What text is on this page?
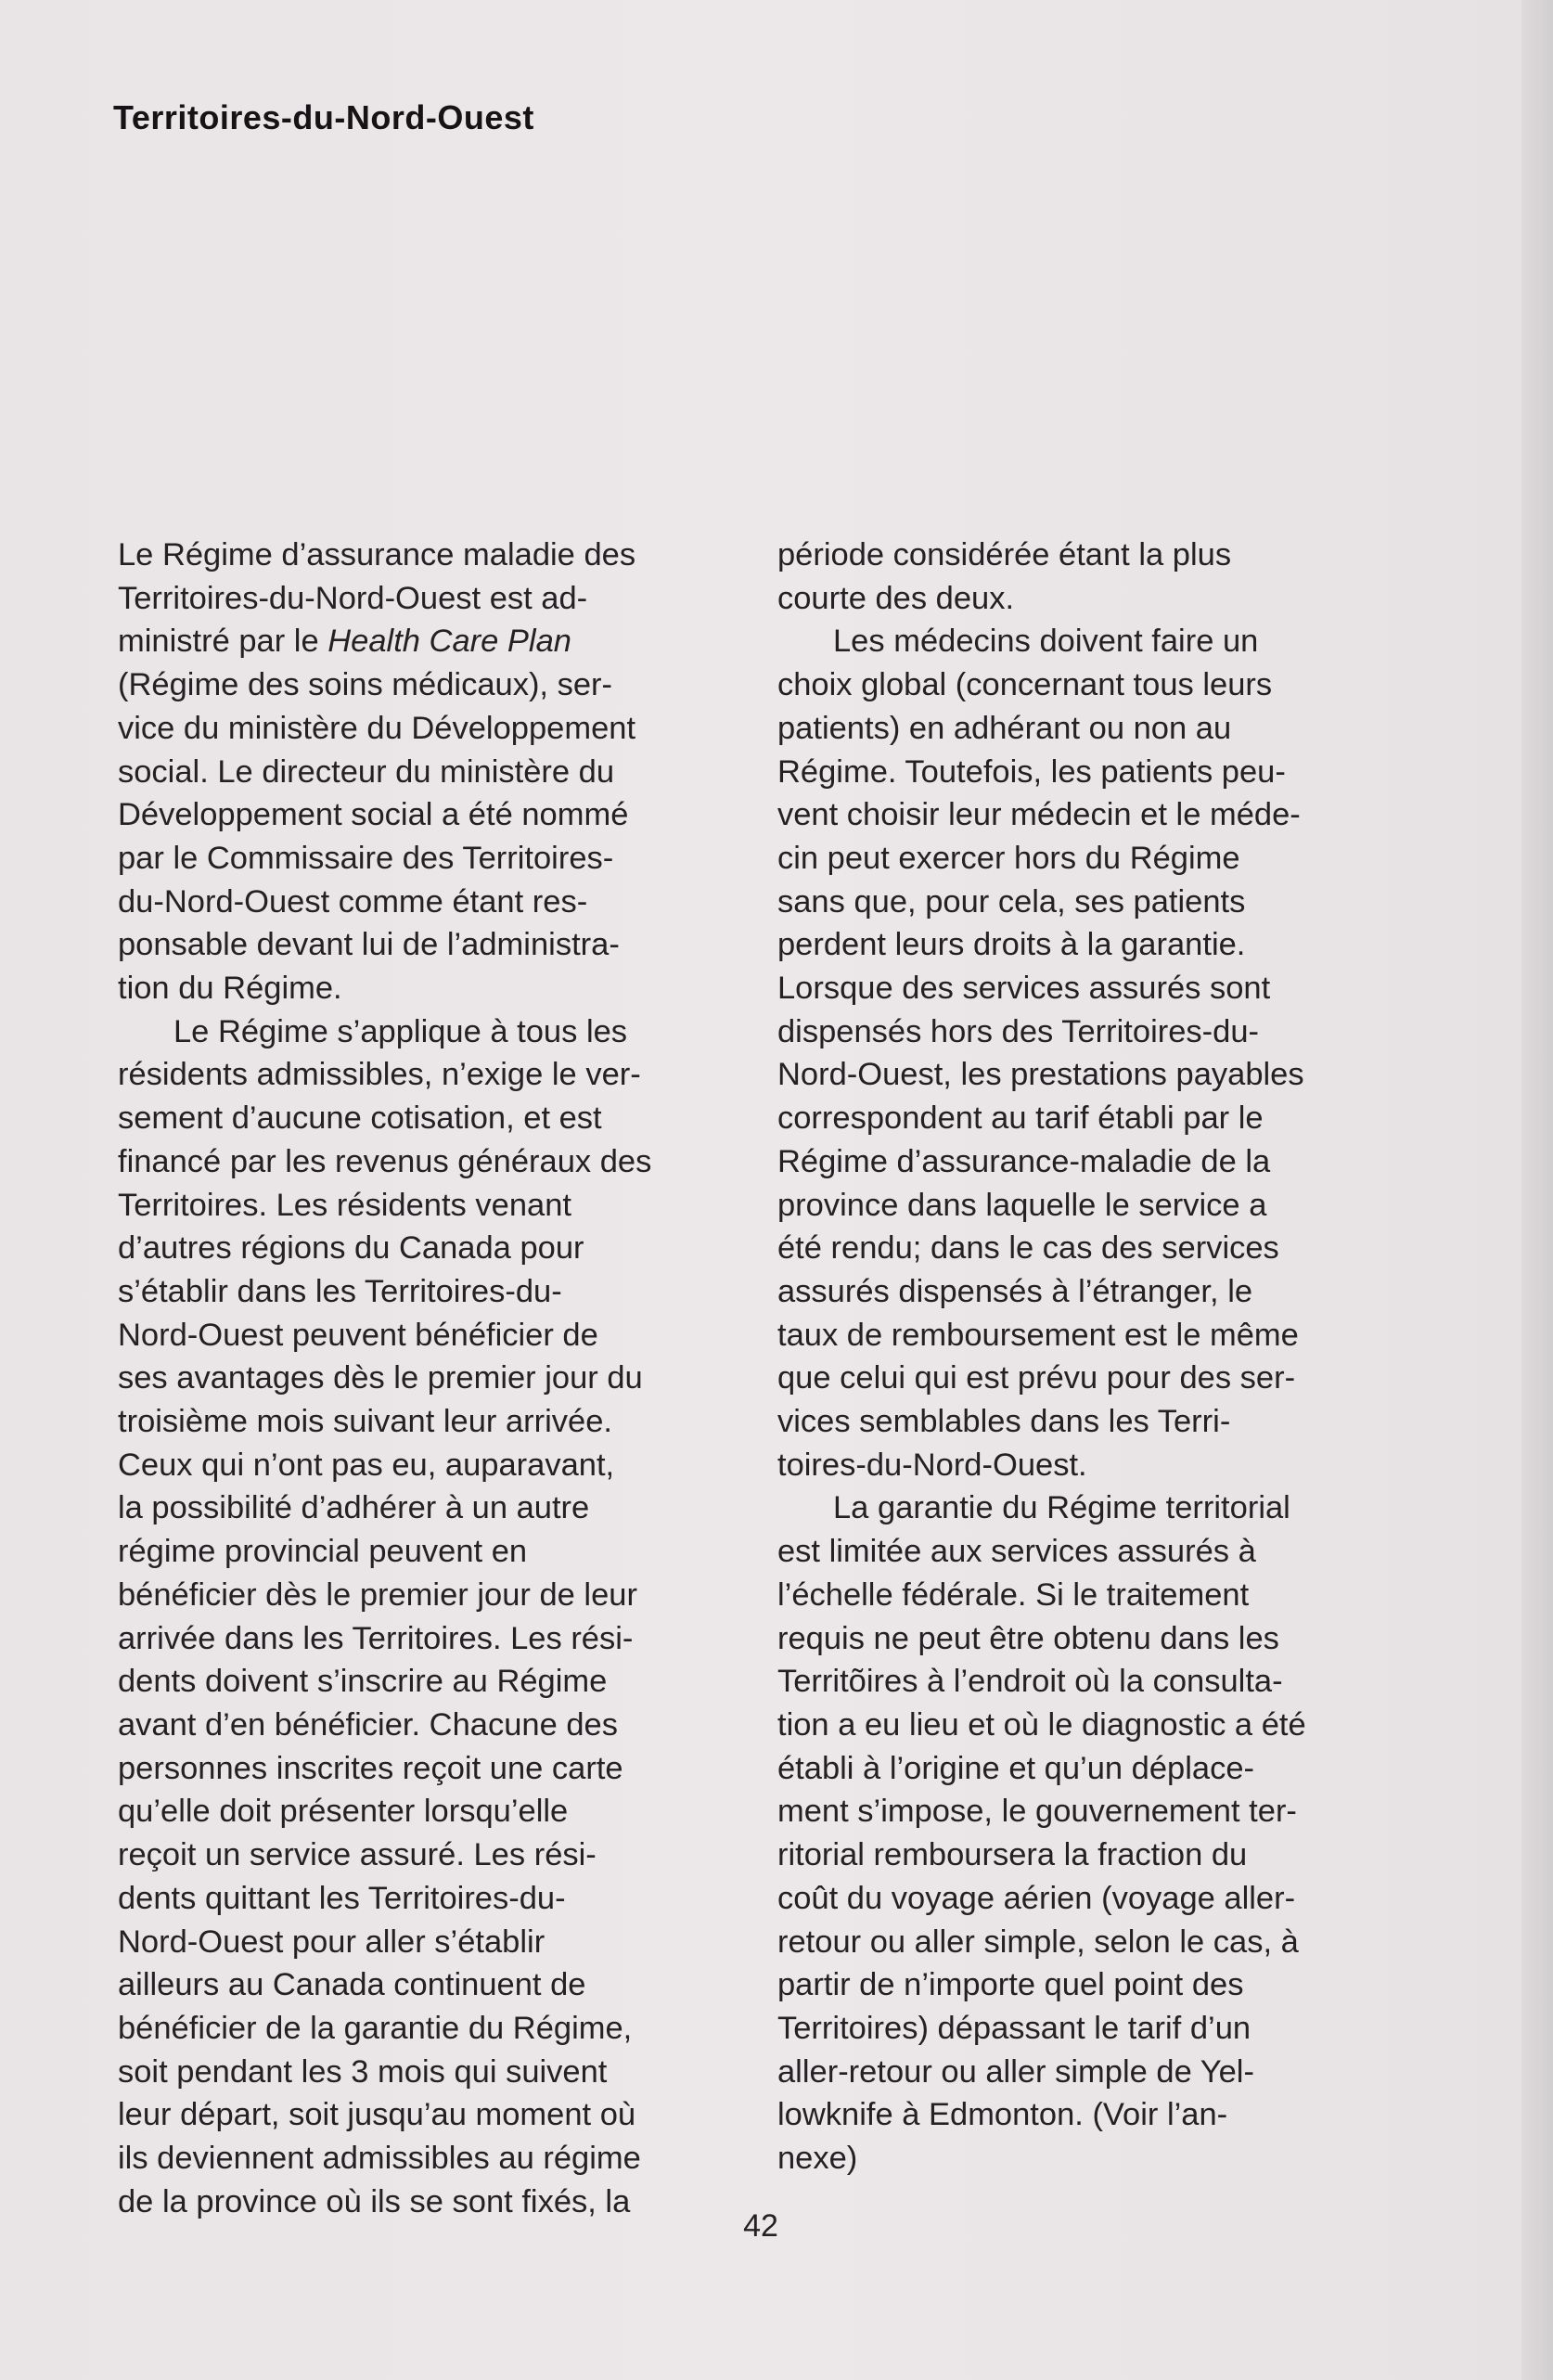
Territoires-du-Nord-Ouest

Le Régime d’assurance maladie des
Territoires-du-Nord-Ouest est ad-
ministré par le Health Care Plan
(Régime des soins médicaux), ser-
vice du ministère du Développement
social. Le directeur du ministère du
Développement social a été nommé
par le Commissaire des Territoires-
du-Nord-Ouest comme étant res-
ponsable devant lui de l’administra-
tion du Régime.

Le Régime s’applique à tous les
résidents admissibles, n’exige le ver-
sement d’aucune cotisation, et est
financé par les revenus généraux des
Territoires. Les résidents venant
d’autres régions du Canada pour
s’établir dans les Territoires-du-
Nord-Ouest peuvent bénéficier de
ses avantages dès le premier jour du
troisième mois suivant leur arrivée.
Ceux qui n’ont pas eu, auparavant,
la possibilité d’adhérer à un autre
régime provincial peuvent en
bénéficier dès le premier jour de leur
arrivée dans les Territoires. Les rési-
dents doivent s’inscrire au Régime
avant d’en bénéficier. Chacune des
personnes inscrites reçoit une carte
qu’elle doit présenter lorsqu’elle
reçoit un service assuré. Les rési-
dents quittant les Territoires-du-
Nord-Ouest pour aller s’établir
ailleurs au Canada continuent de
bénéficier de la garantie du Régime,
soit pendant les 3 mois qui suivent
leur départ, soit jusqu’au moment où
ils deviennent admissibles au régime
de la province où ils se sont fixés, la

période considérée étant la plus
courte des deux.

Les médecins doivent faire un
choix global (concernant tous leurs
patients) en adhérant ou non au
Régime. Toutefois, les patients peu-
vent choisir leur médecin et le méde-
cin peut exercer hors du Régime
sans que, pour cela, ses patients
perdent leurs droits à la garantie.
Lorsque des services assurés sont
dispensés hors des Territoires-du-
Nord-Ouest, les prestations payables
correspondent au tarif établi par le
Régime d’assurance-maladie de la
province dans laquelle le service a
été rendu; dans le cas des services
assurés dispensés à l’étranger, le
taux de remboursement est le même
que celui qui est prévu pour des ser-
vices semblables dans les Terri-
toires-du-Nord-Ouest.

La garantie du Régime territorial
est limitée aux services assurés à
l’échelle fédérale. Si le traitement
requis ne peut être obtenu dans les
Territõires à l’endroit où la consulta-
tion a eu lieu et où le diagnostic a été
établi à l’origine et qu’un déplace-
ment s’impose, le gouvernement ter-
ritorial remboursera la fraction du
coût du voyage aérien (voyage aller-
retour ou aller simple, selon le cas, à
partir de n’importe quel point des
Territoires) dépassant le tarif d’un
aller-retour ou aller simple de Yel-
lowknife à Edmonton. (Voir l’an-
nexe)

42
